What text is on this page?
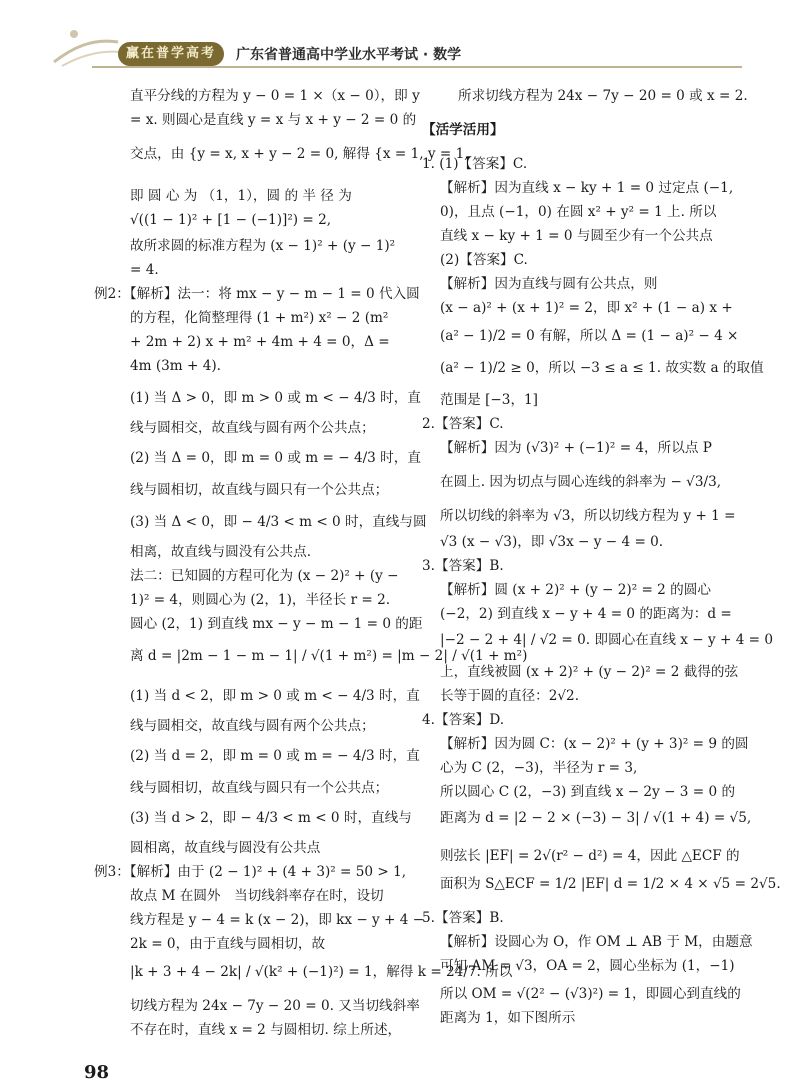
赢在普学高考	广东省普通高中学业水平考试 · 数学
直平分线的方程为 y − 0 = 1 ×（x − 0），即 y
= x. 则圆心是直线 y = x 与 x + y − 2 = 0 的
交点，由 {y = x, x + y − 2 = 0, 解得 {x = 1, y = 1,
即 圆 心 为 （1，1），圆 的 半 径 为
√((1 − 1)² + [1 − (−1)]²) = 2,
故所求圆的标准方程为 (x − 1)² + (y − 1)²
= 4.
例2：【解析】法一：将 mx − y − m − 1 = 0 代入圆
的方程，化简整理得 (1 + m²) x² − 2 (m²
+ 2m + 2) x + m² + 4m + 4 = 0，Δ =
4m (3m + 4).
(1) 当 Δ > 0，即 m > 0 或 m < − 4/3 时，直
线与圆相交，故直线与圆有两个公共点；
(2) 当 Δ = 0，即 m = 0 或 m = − 4/3 时，直
线与圆相切，故直线与圆只有一个公共点；
(3) 当 Δ < 0，即 − 4/3 < m < 0 时，直线与圆
相离，故直线与圆没有公共点.
法二：已知圆的方程可化为 (x − 2)² + (y −
1)² = 4，则圆心为 (2，1)，半径长 r = 2.
圆心 (2，1) 到直线 mx − y − m − 1 = 0 的距
离 d = |2m − 1 − m − 1| / √(1 + m²) = |m − 2| / √(1 + m²)
(1) 当 d < 2，即 m > 0 或 m < − 4/3 时，直
线与圆相交，故直线与圆有两个公共点；
(2) 当 d = 2，即 m = 0 或 m = − 4/3 时，直
线与圆相切，故直线与圆只有一个公共点；
(3) 当 d > 2，即 − 4/3 < m < 0 时，直线与
圆相离，故直线与圆没有公共点
例3：【解析】由于 (2 − 1)² + (4 + 3)² = 50 > 1,
故点 M 在圆外　当切线斜率存在时，设切
线方程是 y − 4 = k (x − 2)，即 kx − y + 4 −
2k = 0，由于直线与圆相切，故
|k + 3 + 4 − 2k| / √(k² + (−1)²) = 1，解得 k = 24/7. 所以
切线方程为 24x − 7y − 20 = 0. 又当切线斜率
不存在时，直线 x = 2 与圆相切. 综上所述，
所求切线方程为 24x − 7y − 20 = 0 或 x = 2.
【活学活用】
1. (1)【答案】C.
【解析】因为直线 x − ky + 1 = 0 过定点 (−1,
0)，且点 (−1，0) 在圆 x² + y² = 1 上. 所以
直线 x − ky + 1 = 0 与圆至少有一个公共点
(2)【答案】C.
【解析】因为直线与圆有公共点，则
(x − a)² + (x + 1)² = 2，即 x² + (1 − a) x +
(a² − 1)/2 = 0 有解，所以 Δ = (1 − a)² − 4 ×
(a² − 1)/2 ≥ 0，所以 −3 ≤ a ≤ 1. 故实数 a 的取值
范围是 [−3，1]
2.【答案】C.
【解析】因为 (√3)² + (−1)² = 4，所以点 P
在圆上. 因为切点与圆心连线的斜率为 − √3/3,
所以切线的斜率为 √3，所以切线方程为 y + 1 =
√3 (x − √3)，即 √3x − y − 4 = 0.
3.【答案】B.
【解析】圆 (x + 2)² + (y − 2)² = 2 的圆心
(−2，2) 到直线 x − y + 4 = 0 的距离为：d =
|−2 − 2 + 4| / √2 = 0. 即圆心在直线 x − y + 4 = 0
上，直线被圆 (x + 2)² + (y − 2)² = 2 截得的弦
长等于圆的直径：2√2.
4.【答案】D.
【解析】因为圆 C：(x − 2)² + (y + 3)² = 9 的圆
心为 C (2，−3)，半径为 r = 3,
所以圆心 C (2，−3) 到直线 x − 2y − 3 = 0 的
距离为 d = |2 − 2 × (−3) − 3| / √(1 + 4) = √5,
则弦长 |EF| = 2√(r² − d²) = 4，因此 △ECF 的
面积为 S△ECF = 1/2 |EF| d = 1/2 × 4 × √5 = 2√5.
5.【答案】B.
【解析】设圆心为 O，作 OM ⊥ AB 于 M，由题意
可知 AM = √3，OA = 2，圆心坐标为 (1，−1)
所以 OM = √(2² − (√3)²) = 1，即圆心到直线的
距离为 1，如下图所示
98
